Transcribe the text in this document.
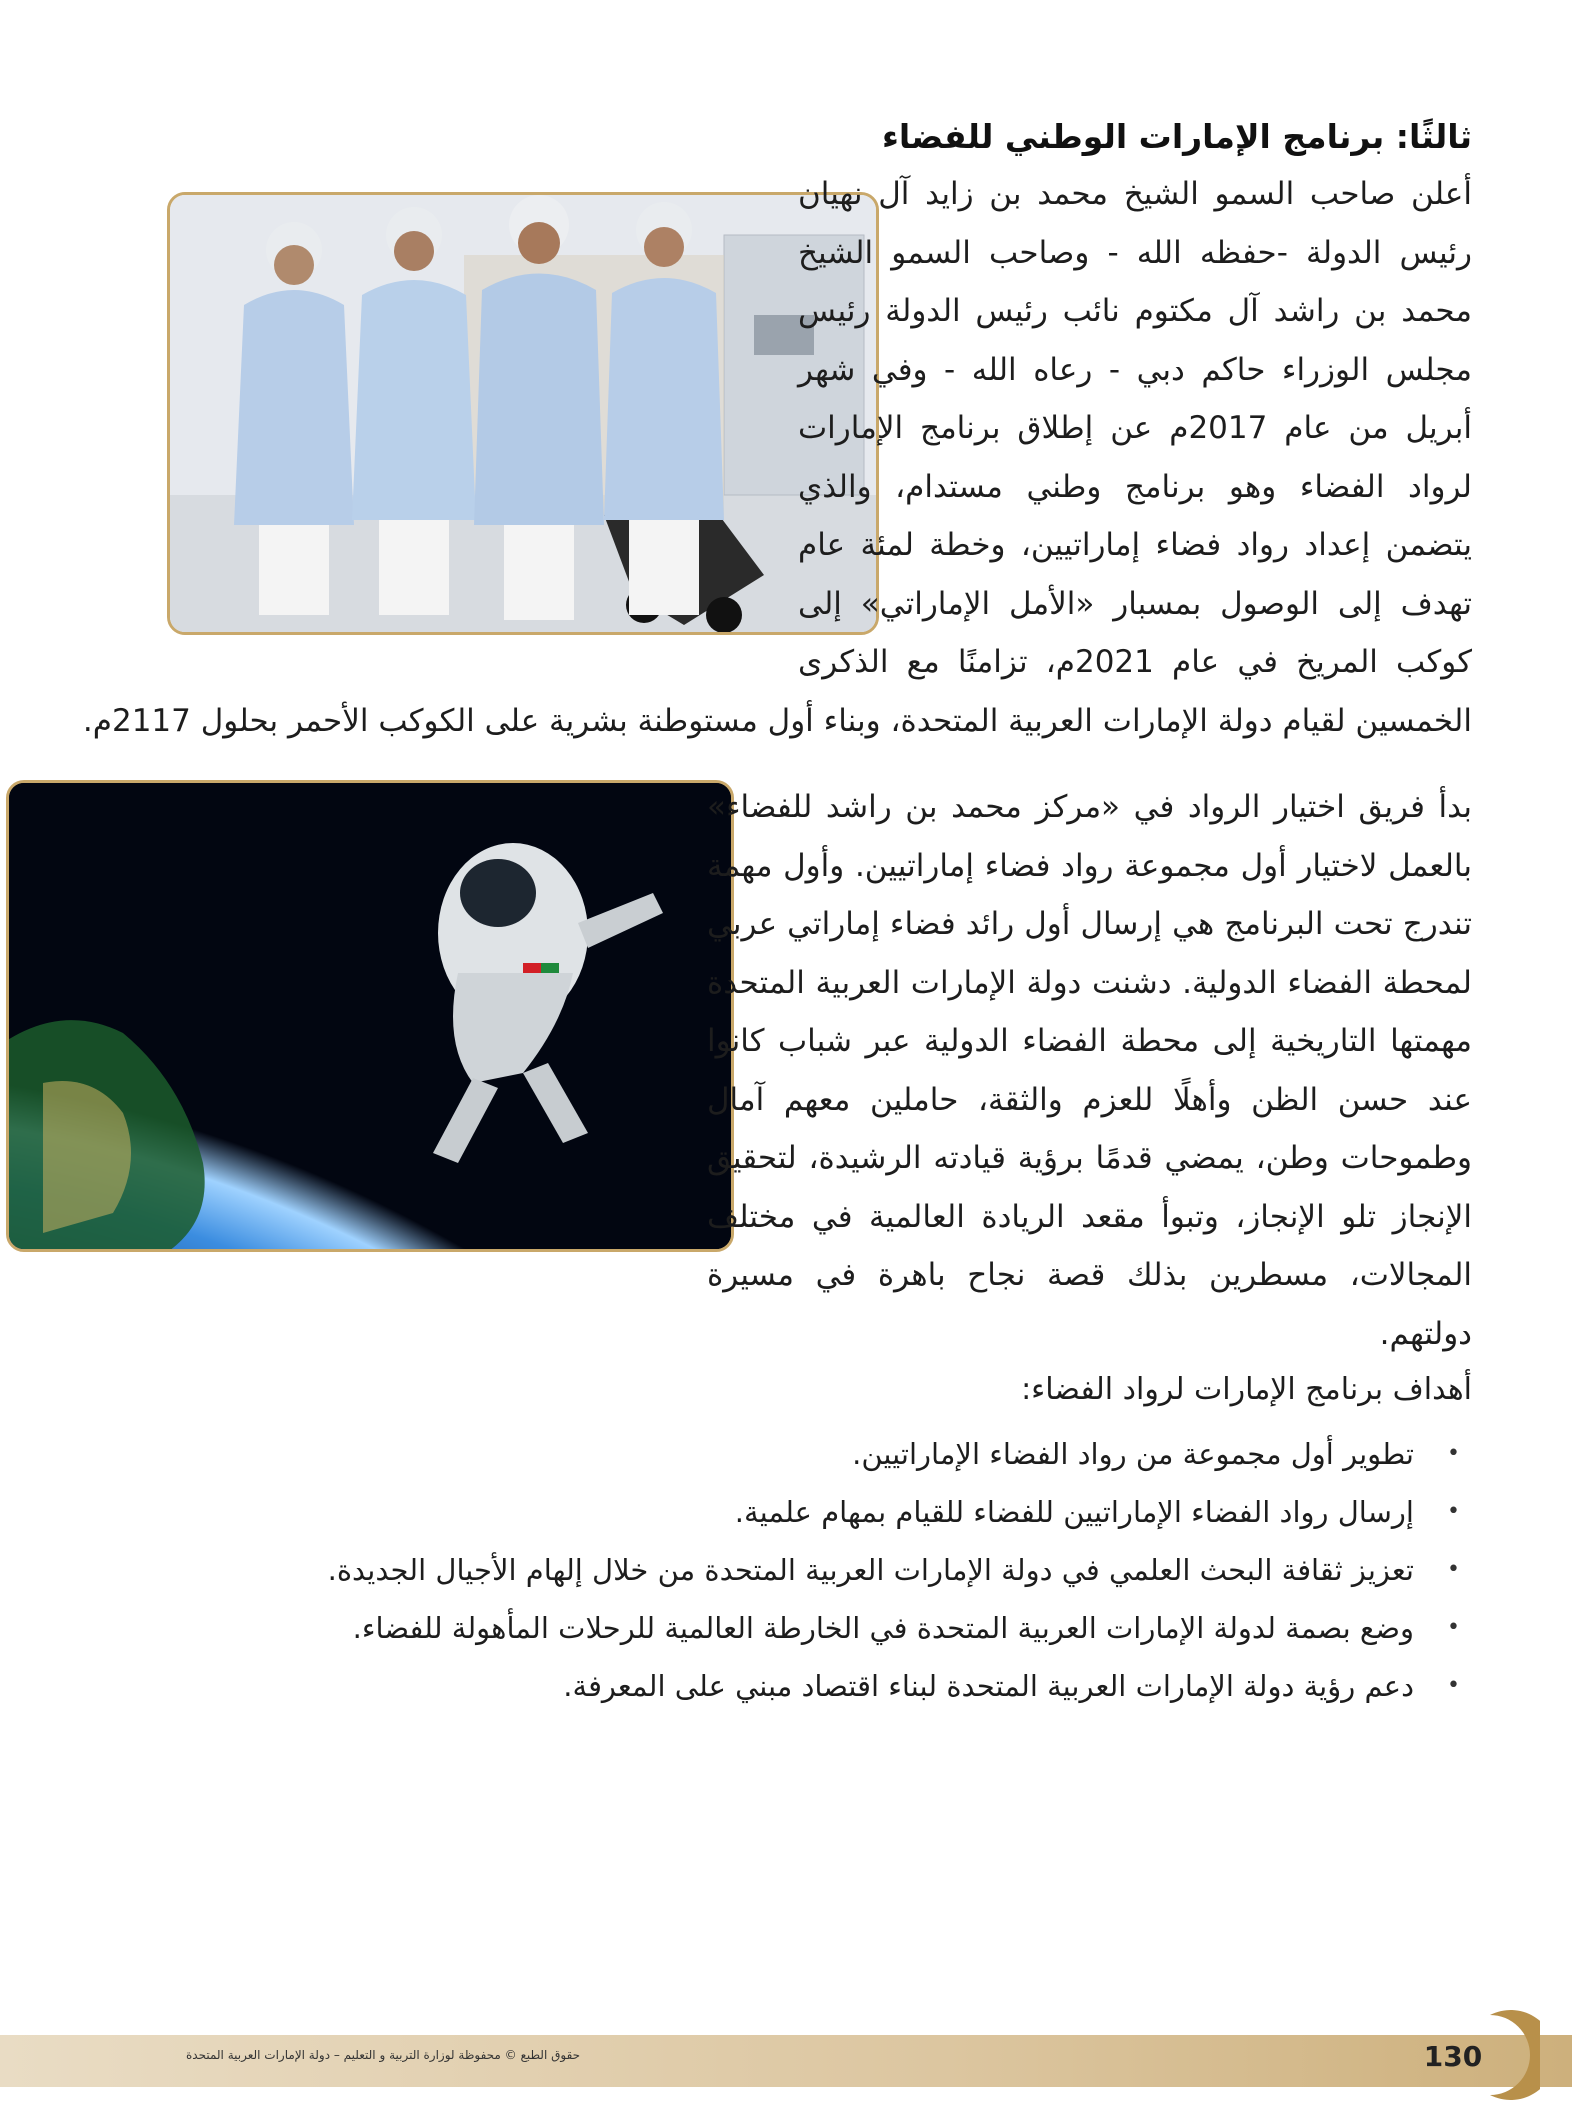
ثالثًا: برنامج الإمارات الوطني للفضاء
أعلن صاحب السمو الشيخ محمد بن زايد آل نهيان رئيس الدولة -حفظه الله - وصاحب السمو الشيخ محمد بن راشد آل مكتوم نائب رئيس الدولة رئيس مجلس الوزراء حاكم دبي - رعاه الله - وفي شهر أبريل من عام 2017م عن إطلاق برنامج الإمارات لرواد الفضاء وهو برنامج وطني مستدام، والذي يتضمن إعداد رواد فضاء إماراتيين، وخطة لمئة عام تهدف إلى الوصول بمسبار «الأمل الإماراتي» إلى كوكب المريخ في عام 2021م، تزامنًا مع الذكرى الخمسين لقيام دولة الإمارات العربية المتحدة، وبناء أول مستوطنة بشرية على الكوكب الأحمر بحلول 2117م.
بدأ فريق اختيار الرواد في «مركز محمد بن راشد للفضاء» بالعمل لاختيار أول مجموعة رواد فضاء إماراتيين. وأول مهمة تندرج تحت البرنامج هي إرسال أول رائد فضاء إماراتي عربي لمحطة الفضاء الدولية. دشنت دولة الإمارات العربية المتحدة مهمتها التاريخية إلى محطة الفضاء الدولية عبر شباب كانوا عند حسن الظن وأهلًا للعزم والثقة، حاملين معهم آمال وطموحات وطن، يمضي قدمًا برؤية قيادته الرشيدة، لتحقيق الإنجاز تلو الإنجاز، وتبوأ مقعد الريادة العالمية في مختلف المجالات، مسطرين بذلك قصة نجاح باهرة في مسيرة دولتهم.
أهداف برنامج الإمارات لرواد الفضاء:
•
تطوير أول مجموعة من رواد الفضاء الإماراتيين.
•
إرسال رواد الفضاء الإماراتيين للفضاء للقيام بمهام علمية.
•
تعزيز ثقافة البحث العلمي في دولة الإمارات العربية المتحدة من خلال إلهام الأجيال الجديدة.
•
وضع بصمة لدولة الإمارات العربية المتحدة في الخارطة العالمية للرحلات المأهولة للفضاء.
•
دعم رؤية دولة الإمارات العربية المتحدة لبناء اقتصاد مبني على المعرفة.
حقوق الطبع © محفوظة لوزارة التربية و التعليم – دولة الإمارات العربية المتحدة	130
